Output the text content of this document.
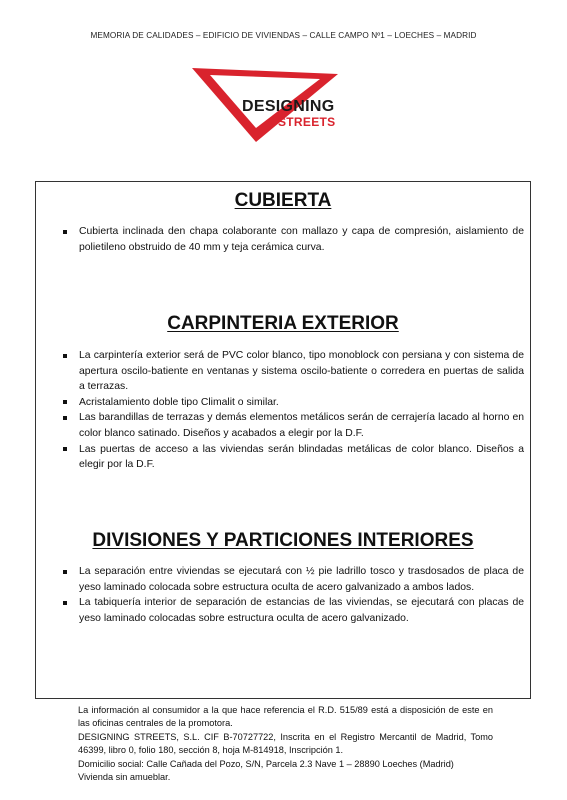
MEMORIA DE CALIDADES – EDIFICIO DE VIVIENDAS – CALLE CAMPO Nº1 – LOECHES – MADRID
DESIGNING
STREETS
CUBIERTA
Cubierta inclinada den chapa colaborante con mallazo y capa de compresión, aislamiento de polietileno obstruido de 40 mm y teja cerámica curva.
CARPINTERIA EXTERIOR
La carpintería exterior será de PVC color blanco, tipo monoblock con persiana y con sistema de apertura oscilo-batiente en ventanas y sistema oscilo-batiente o corredera en puertas de salida a terrazas.
Acristalamiento doble tipo Climalit o similar.
Las barandillas de terrazas y demás elementos metálicos serán de cerrajería lacado al horno en color blanco satinado. Diseños y acabados a elegir por la D.F.
Las puertas de acceso a las viviendas serán blindadas metálicas de color blanco. Diseños a elegir por la D.F.
DIVISIONES Y PARTICIONES INTERIORES
La separación entre viviendas se ejecutará con ½ pie ladrillo tosco y trasdosados de placa de yeso laminado colocada sobre estructura oculta de acero galvanizado a ambos lados.
La tabiquería interior de separación de estancias de las viviendas, se ejecutará con placas de yeso laminado colocadas sobre estructura oculta de acero galvanizado.

La información al consumidor a la que hace referencia el R.D. 515/89 está a disposición de este en las oficinas centrales de la promotora.

DESIGNING STREETS, S.L. CIF B-70727722, Inscrita en el Registro Mercantil de Madrid, Tomo 46399, libro 0, folio 180, sección 8, hoja M-814918, Inscripción 1.

Domicilio social: Calle Cañada del Pozo, S/N, Parcela 2.3 Nave 1 – 28890 Loeches (Madrid)

Vivienda sin amueblar.
